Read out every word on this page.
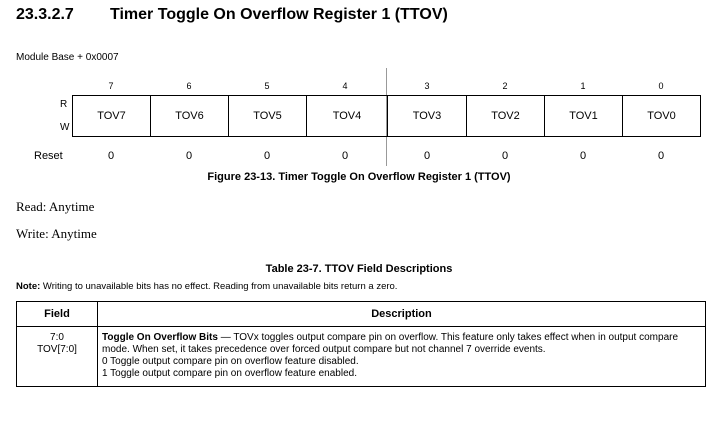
23.3.2.7 Timer Toggle On Overflow Register 1 (TTOV)
Module Base + 0x0007
7	6	5	4	3	2	1	0
R
W
TOV7	TOV6	TOV5	TOV4	TOV3	TOV2	TOV1	TOV0
Reset	0	0	0	0	0	0	0	0
Figure 23-13. Timer Toggle On Overflow Register 1 (TTOV)
Read: Anytime
Write: Anytime
Table 23-7. TTOV Field Descriptions
Note: Writing to unavailable bits has no effect. Reading from unavailable bits return a zero.
Field	Description

7:0
TOV[7:0]	Toggle On Overflow Bits — TOVx toggles output compare pin on overflow. This feature only takes effect when in output compare mode. When set, it takes precedence over forced output compare but not channel 7 override events.
0 Toggle output compare pin on overflow feature disabled.
1 Toggle output compare pin on overflow feature enabled.
